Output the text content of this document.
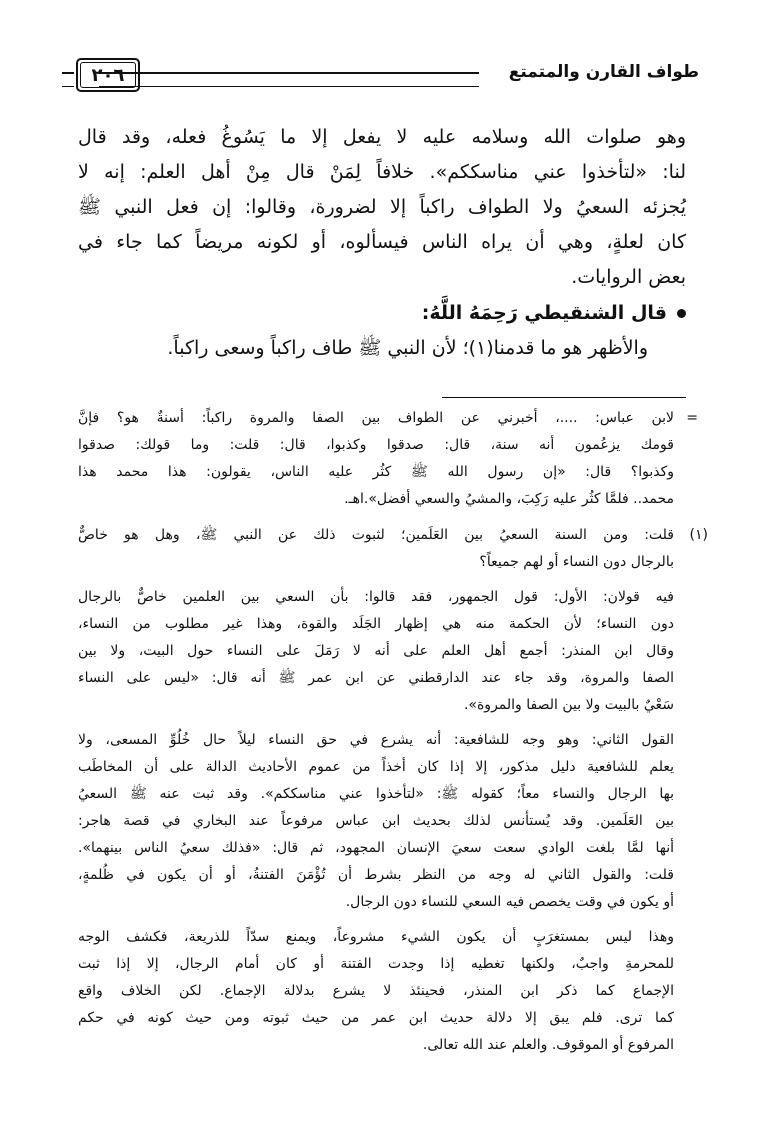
طواف القارن والمتمتع
٢٠٦
وهو صلوات الله وسلامه عليه لا يفعل إلا ما يَسُوغُ فعله، وقد قال
لنا: «لتأخذوا عني مناسككم». خلافاً لِمَنْ قال مِنْ أهل العلم: إنه لا
يُجزئه السعيُ ولا الطواف راكباً إلا لضرورة، وقالوا: إن فعل النبي ﷺ
كان لعلةٍ، وهي أن يراه الناس فيسألوه، أو لكونه مريضاً كما جاء في
بعض الروايات.
قال الشنقيطي رَحِمَهُ اللَّهُ:
والأظهر هو ما قدمنا(١)؛ لأن النبي ﷺ طاف راكباً وسعى راكباً.
=
لابن عباس: ....، أخبرني عن الطواف بين الصفا والمروة راكباً: أسنةٌ هو؟ فإنَّ
قومك يزعُمون أنه سنة، قال: صدقوا وكذبوا، قال: قلت: وما قولك: صدقوا
وكذبوا؟ قال: «إن رسول الله ﷺ كثُر عليه الناس، يقولون: هذا محمد هذا
محمد.. فلمَّا كثُر عليه رَكِبَ، والمشيُ والسعي أفضل».اهـ.
(١)
قلت: ومن السنة السعيُ بين العَلَمين؛ لثبوت ذلك عن النبي ﷺ، وهل هو خاصٌّ
بالرجال دون النساء أو لهم جميعاً؟
فيه قولان: الأول: قول الجمهور، فقد قالوا: بأن السعي بين العلمين خاصٌّ بالرجال
دون النساء؛ لأن الحكمة منه هي إظهار الجَلَد والقوة، وهذا غير مطلوب من النساء،
وقال ابن المنذر: أجمع أهل العلم على أنه لا رَمَلَ على النساء حول البيت، ولا بين
الصفا والمروة، وقد جاء عند الدارقطني عن ابن عمر ﷺ أنه قال: «ليس على النساء
سَعْيٌ بالبيت ولا بين الصفا والمروة».
القول الثاني: وهو وجه للشافعية: أنه يشرع في حق النساء ليلاً حال خُلُوِّ المسعى، ولا
يعلم للشافعية دليل مذكور، إلا إذا كان أخذاً من عموم الأحاديث الدالة على أن المخاطَب
بها الرجال والنساء معاً؛ كقوله ﷺ: «لتأخذوا عني مناسككم». وقد ثبت عنه ﷺ السعيُ
بين العَلَمين. وقد يُستأنس لذلك بحديث ابن عباس مرفوعاً عند البخاري في قصة هاجر:
أنها لمَّا بلغت الوادي سعت سعيَ الإنسان المجهود، ثم قال: «فذلك سعيُ الناس بينهما».
قلت: والقول الثاني له وجه من النظر بشرط أن تُؤْمَنَ الفتنةُ، أو أن يكون في ظُلمةٍ،
أو يكون في وقت يخصص فيه السعي للنساء دون الرجال.
وهذا ليس بمستغرَبٍ أن يكون الشيء مشروعاً، ويمنع سدّاً للذريعة، فكشف الوجه
للمحرمةِ واجبٌ، ولكنها تغطيه إذا وجدت الفتنة أو كان أمام الرجال، إلا إذا ثبت
الإجماع كما ذكر ابن المنذر، فحينئذ لا يشرع بدلالة الإجماع. لكن الخلاف واقع
كما ترى. فلم يبق إلا دلالة حديث ابن عمر من حيث ثبوته ومن حيث كونه في حكم
المرفوع أو الموقوف. والعلم عند الله تعالى.
